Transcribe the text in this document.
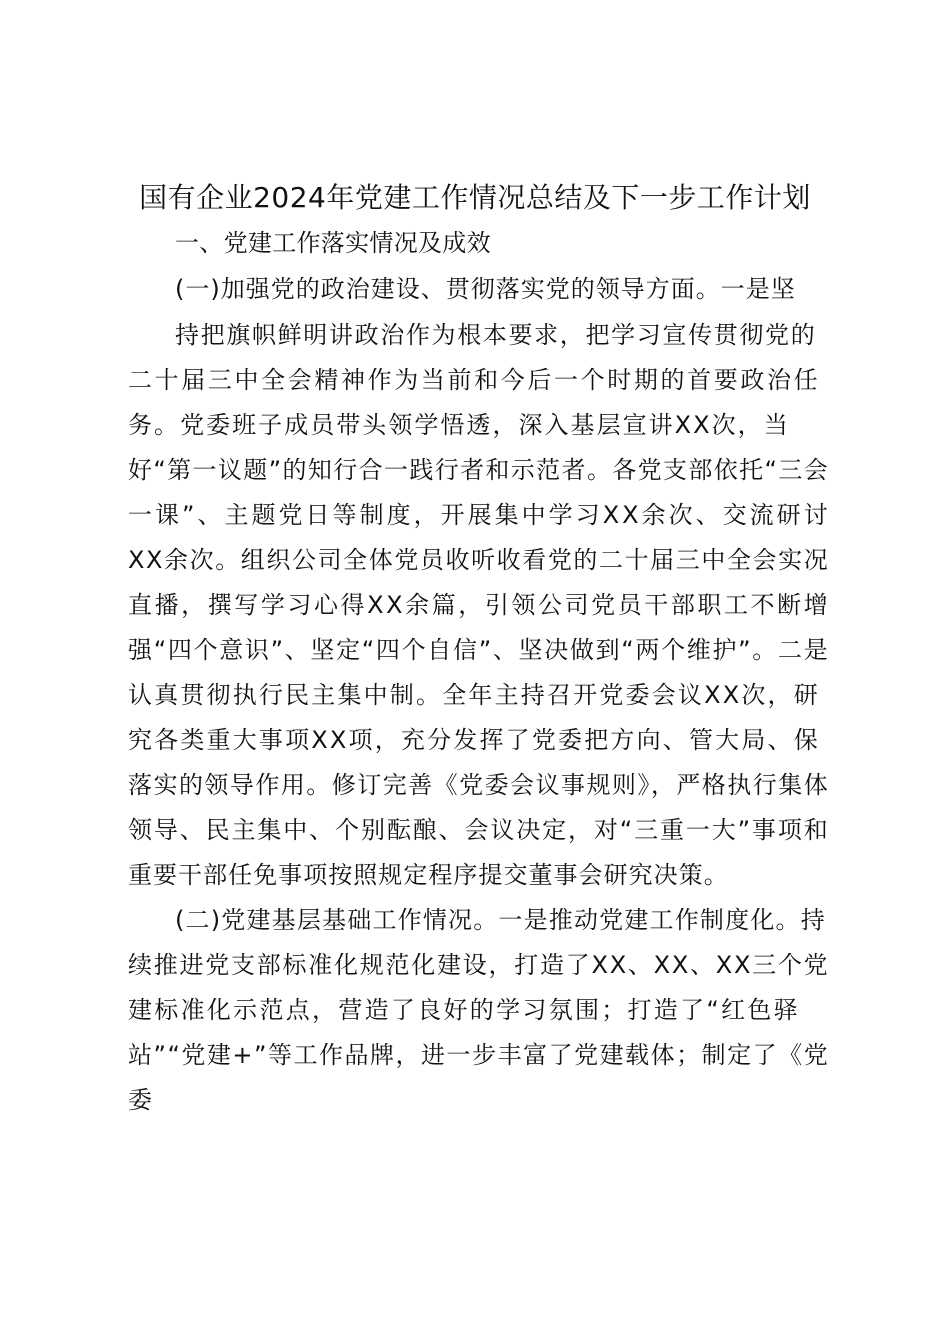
国有企业2024年党建工作情况总结及下一步工作计划
一、党建工作落实情况及成效
(一)加强党的政治建设、贯彻落实党的领导方面。一是坚
持把旗帜鲜明讲政治作为根本要求，把学习宣传贯彻党的
二十届三中全会精神作为当前和今后一个时期的首要政治任
务。党委班子成员带头领学悟透，深入基层宣讲XX次，当
好“第一议题”的知行合一践行者和示范者。各党支部依托“三会
一课”、主题党日等制度，开展集中学习XX余次、交流研讨
XX余次。组织公司全体党员收听收看党的二十届三中全会实况
直播，撰写学习心得XX余篇，引领公司党员干部职工不断增
强“四个意识”、坚定“四个自信”、坚决做到“两个维护”。二是
认真贯彻执行民主集中制。全年主持召开党委会议XX次，研
究各类重大事项XX项，充分发挥了党委把方向、管大局、保
落实的领导作用。修订完善《党委会议事规则》，严格执行集体
领导、民主集中、个别酝酿、会议决定，对“三重一大”事项和
重要干部任免事项按照规定程序提交董事会研究决策。
(二)党建基层基础工作情况。一是推动党建工作制度化。持
续推进党支部标准化规范化建设，打造了XX、XX、XX三个党
建标准化示范点，营造了良好的学习氛围；打造了“红色驿
站”“党建+”等工作品牌，进一步丰富了党建载体；制定了《党
委
